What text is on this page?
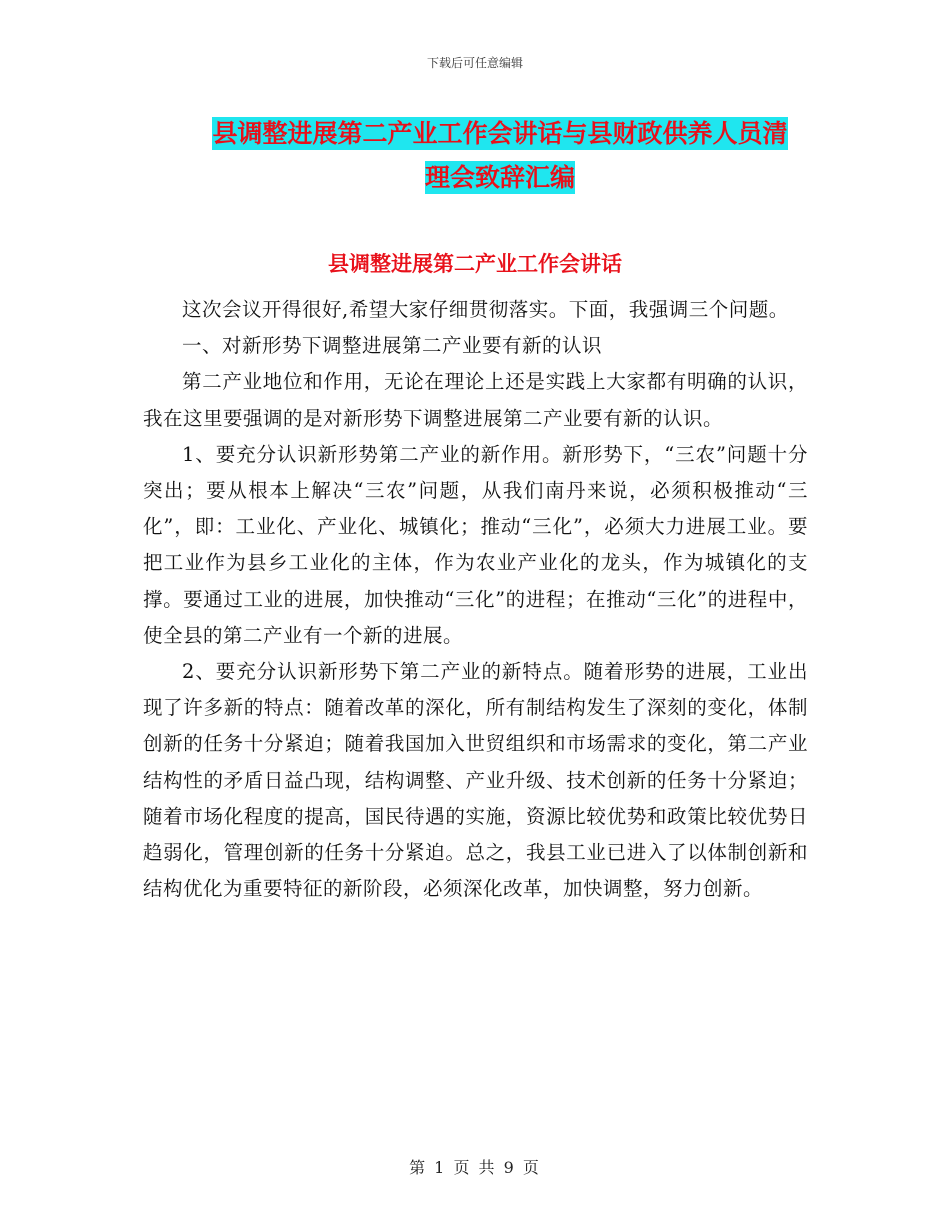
下载后可任意编辑
县调整进展第二产业工作会讲话与县财政供养人员清
理会致辞汇编
县调整进展第二产业工作会讲话

这次会议开得很好,希望大家仔细贯彻落实。下面，我强调三个问题。

一、对新形势下调整进展第二产业要有新的认识

第二产业地位和作用，无论在理论上还是实践上大家都有明确的认识，我在这里要强调的是对新形势下调整进展第二产业要有新的认识。

1、要充分认识新形势第二产业的新作用。新形势下，“三农”问题十分突出；要从根本上解决“三农”问题，从我们南丹来说，必须积极推动“三化”，即：工业化、产业化、城镇化；推动“三化”，必须大力进展工业。要把工业作为县乡工业化的主体，作为农业产业化的龙头，作为城镇化的支撑。要通过工业的进展，加快推动“三化”的进程；在推动“三化”的进程中，使全县的第二产业有一个新的进展。

2、要充分认识新形势下第二产业的新特点。随着形势的进展，工业出现了许多新的特点：随着改革的深化，所有制结构发生了深刻的变化，体制创新的任务十分紧迫；随着我国加入世贸组织和市场需求的变化，第二产业结构性的矛盾日益凸现，结构调整、产业升级、技术创新的任务十分紧迫；随着市场化程度的提高，国民待遇的实施，资源比较优势和政策比较优势日趋弱化，管理创新的任务十分紧迫。总之，我县工业已进入了以体制创新和结构优化为重要特征的新阶段，必须深化改革，加快调整，努力创新。

第 1 页 共 9 页
